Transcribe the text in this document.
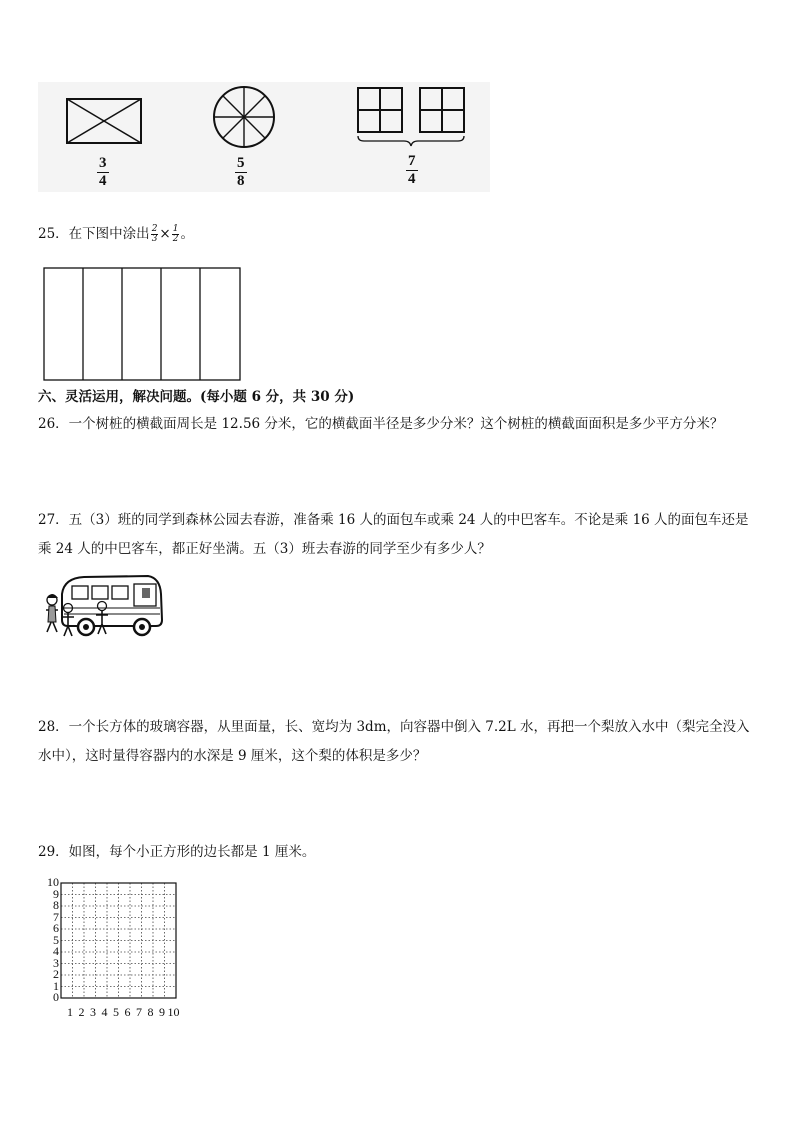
$\frac{3}{4}$	$\frac{5}{8}$	$\frac{7}{4}$
25．在下图中涂出 $\frac{2}{3} \times \frac{1}{2}$ 。
六、灵活运用，解决问题。(每小题 6 分，共 30 分)
26．一个树桩的横截面周长是 12.56 分米，它的横截面半径是多少分米？这个树桩的横截面面积是多少平方分米？
27．五（3）班的同学到森林公园去春游，准备乘 16 人的面包车或乘 24 人的中巴客车。不论是乘 16 人的面包车还是
乘 24 人的中巴客车，都正好坐满。五（3）班去春游的同学至少有多少人？
28．一个长方体的玻璃容器，从里面量，长、宽均为 3dm，向容器中倒入 7.2L 水，再把一个梨放入水中（梨完全没入
水中），这时量得容器内的水深是 9 厘米，这个梨的体积是多少？
29．如图，每个小正方形的边长都是 1 厘米。
10
9
8
7
6
5
4
3
2
1
0
1 2 3 4 5 6 7 8 9 10
